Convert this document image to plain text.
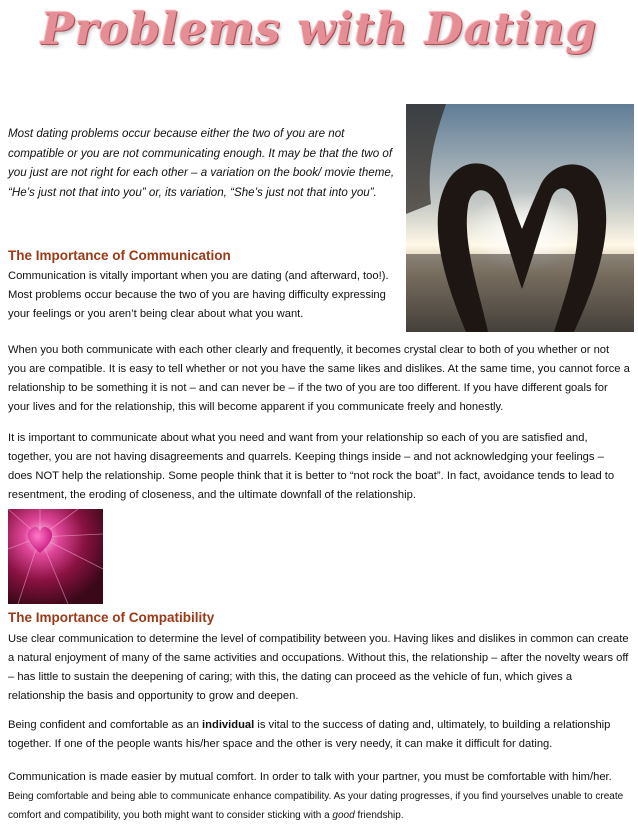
Problems with Dating
Most dating problems occur because either the two of you are not compatible or you are not communicating enough. It may be that the two of you just are not right for each other – a variation on the book/ movie theme, “He’s just not that into you” or, its variation, “She’s just not that into you”.
The Importance of Communication
Communication is vitally important when you are dating (and afterward, too!). Most problems occur because the two of you are having difficulty expressing your feelings or you aren’t being clear about what you want.
When you both communicate with each other clearly and frequently, it becomes crystal clear to both of you whether or not you are compatible. It is easy to tell whether or not you have the same likes and dislikes. At the same time, you cannot force a relationship to be something it is not – and can never be – if the two of you are too different. If you have different goals for your lives and for the relationship, this will become apparent if you communicate freely and honestly.
It is important to communicate about what you need and want from your relationship so each of you are satisfied and, together, you are not having disagreements and quarrels. Keeping things inside – and not acknowledging your feelings – does NOT help the relationship. Some people think that it is better to “not rock the boat”. In fact, avoidance tends to lead to resentment, the eroding of closeness, and the ultimate downfall of the relationship.
The Importance of Compatibility
Use clear communication to determine the level of compatibility between you. Having likes and dislikes in common can create a natural enjoyment of many of the same activities and occupations. Without this, the relationship – after the novelty wears off – has little to sustain the deepening of caring; with this, the dating can proceed as the vehicle of fun, which gives a relationship the basis and opportunity to grow and deepen.
Being confident and comfortable as an individual is vital to the success of dating and, ultimately, to building a relationship together. If one of the people wants his/her space and the other is very needy, it can make it difficult for dating.
Communication is made easier by mutual comfort. In order to talk with your partner, you must be comfortable with him/her. Being comfortable and being able to communicate enhance compatibility. As your dating progresses, if you find yourselves unable to create comfort and compatibility, you both might want to consider sticking with a good friendship.
